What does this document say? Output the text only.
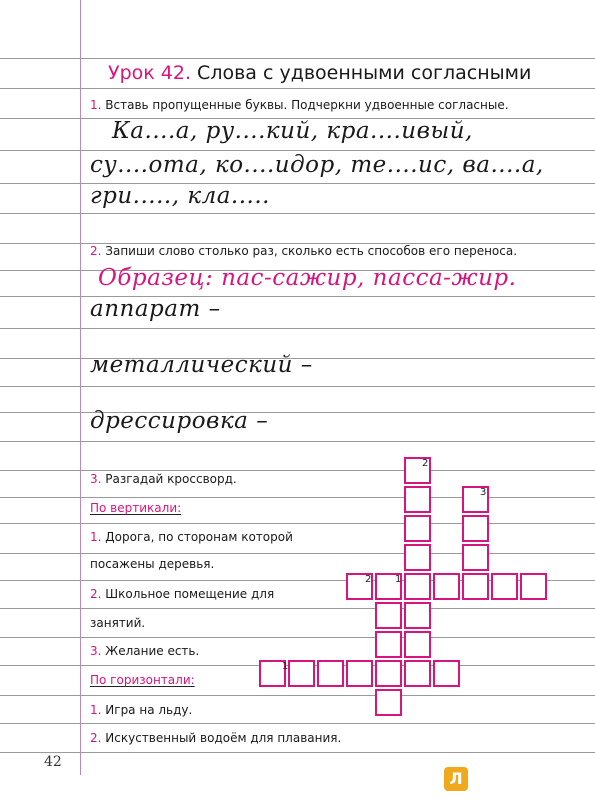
Урок 42. Слова с удвоенными согласными
1. Вставь пропущенные буквы. Подчеркни удвоенные согласные.
Ка....а, ру....кий, кра....ивый,
су....ота, ко....идор, те....ис, ва....а,
гри....., кла.....
2. Запиши слово столько раз, сколько есть способов его переноса.
Образец: пас-сажир, пасса-жир.
аппарат –
металлический –
дрессировка –
3. Разгадай кроссворд.
По вертикали:
1. Дорога, по сторонам которой
посажены деревья.
2. Школьное помещение для
занятий.
3. Желание есть.
По горизонтали:
1. Игра на льду.
2. Искуственный водоём для плавания.
2
3
2 1
1
42
Л
